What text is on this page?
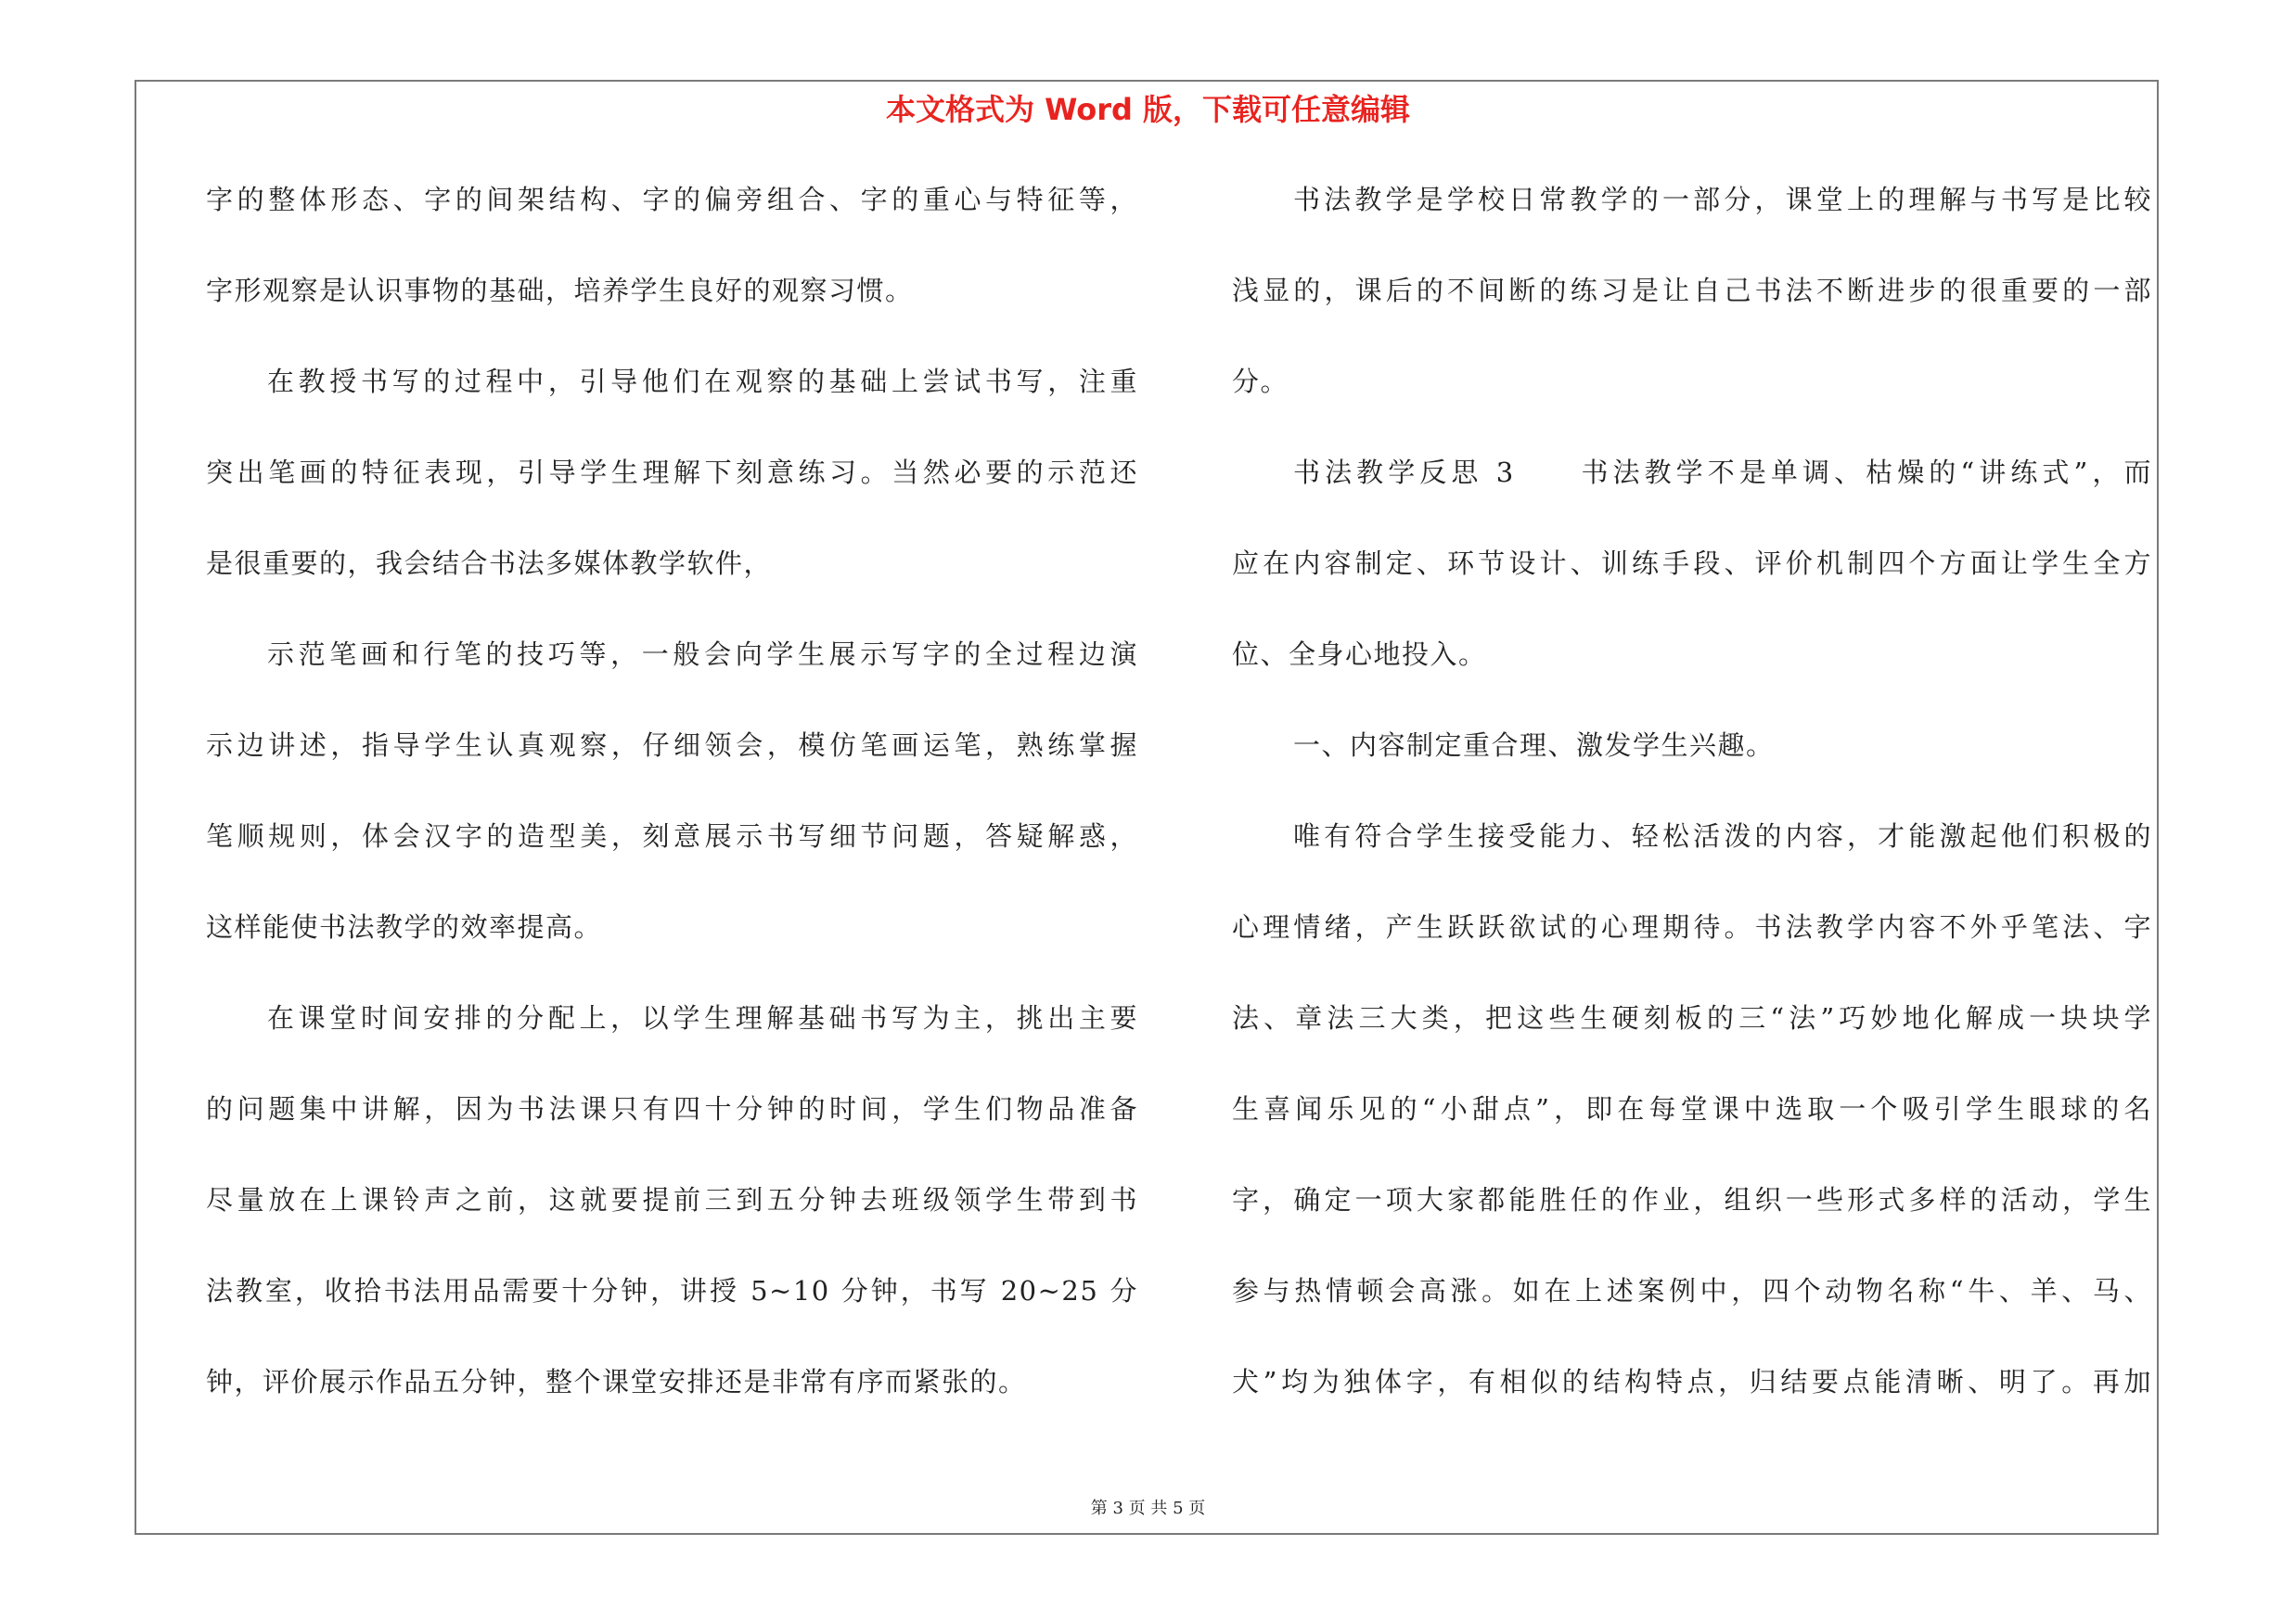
本文格式为 Word 版，下载可任意编辑
字的整体形态、字的间架结构、字的偏旁组合、字的重心与特征等，
字形观察是认识事物的基础，培养学生良好的观察习惯。
在教授书写的过程中，引导他们在观察的基础上尝试书写，注重
突出笔画的特征表现，引导学生理解下刻意练习。当然必要的示范还
是很重要的，我会结合书法多媒体教学软件，
示范笔画和行笔的技巧等，一般会向学生展示写字的全过程边演
示边讲述，指导学生认真观察，仔细领会，模仿笔画运笔，熟练掌握
笔顺规则，体会汉字的造型美，刻意展示书写细节问题，答疑解惑，
这样能使书法教学的效率提高。
在课堂时间安排的分配上，以学生理解基础书写为主，挑出主要
的问题集中讲解，因为书法课只有四十分钟的时间，学生们物品准备
尽量放在上课铃声之前，这就要提前三到五分钟去班级领学生带到书
法教室，收拾书法用品需要十分钟，讲授 5~10 分钟，书写 20~25 分
钟，评价展示作品五分钟，整个课堂安排还是非常有序而紧张的。
书法教学是学校日常教学的一部分，课堂上的理解与书写是比较
浅显的，课后的不间断的练习是让自己书法不断进步的很重要的一部
分。
书法教学反思 3　　书法教学不是单调、枯燥的“讲练式”，而
应在内容制定、环节设计、训练手段、评价机制四个方面让学生全方
位、全身心地投入。
一、内容制定重合理、激发学生兴趣。
唯有符合学生接受能力、轻松活泼的内容，才能激起他们积极的
心理情绪，产生跃跃欲试的心理期待。书法教学内容不外乎笔法、字
法、章法三大类，把这些生硬刻板的三“法”巧妙地化解成一块块学
生喜闻乐见的“小甜点”，即在每堂课中选取一个吸引学生眼球的名
字，确定一项大家都能胜任的作业，组织一些形式多样的活动，学生
参与热情顿会高涨。如在上述案例中，四个动物名称“牛、羊、马、
犬”均为独体字，有相似的结构特点，归结要点能清晰、明了。再加
第 3 页 共 5 页
